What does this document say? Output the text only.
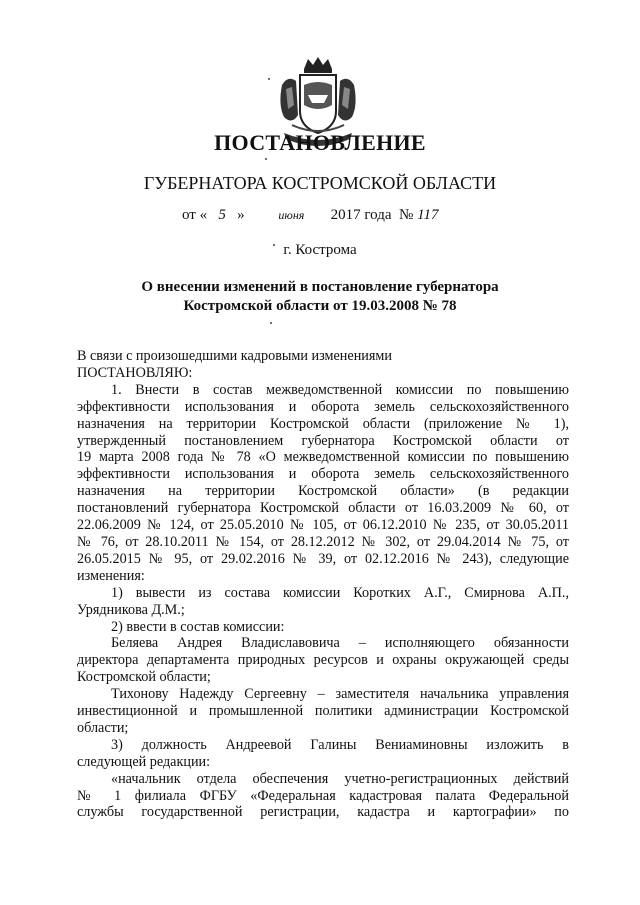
ПОСТАНОВЛЕНИЕ
ГУБЕРНАТОРА КОСТРОМСКОЙ ОБЛАСТИ
от « 5 »	июня 2017 года № 117
г. Кострома
О внесении изменений в постановление губернатора
Костромской области от 19.03.2008 № 78

В связи с произошедшими кадровыми изменениями

ПОСТАНОВЛЯЮ:

1. Внести в состав межведомственной комиссии по повышению

эффективности использования и оборота земель сельскохозяйственного

назначения на территории Костромской области (приложение № 1),

утвержденный постановлением губернатора Костромской области от

19 марта 2008 года № 78 «О межведомственной комиссии по повышению

эффективности использования и оборота земель сельскохозяйственного

назначения на территории Костромской области» (в редакции

постановлений губернатора Костромской области от 16.03.2009 № 60, от

22.06.2009 № 124, от 25.05.2010 № 105, от 06.12.2010 № 235, от 30.05.2011

№ 76, от 28.10.2011 № 154, от 28.12.2012 № 302, от 29.04.2014 № 75, от

26.05.2015 № 95, от 29.02.2016 № 39, от 02.12.2016 № 243), следующие

изменения:

1) вывести из состава комиссии Коротких А.Г., Смирнова А.П.,

Урядникова Д.М.;

2) ввести в состав комиссии:

Беляева Андрея Владиславовича – исполняющего обязанности

директора департамента природных ресурсов и охраны окружающей среды

Костромской области;

Тихонову Надежду Сергеевну – заместителя начальника управления

инвестиционной и промышленной политики администрации Костромской

области;

3) должность Андреевой Галины Вениаминовны изложить в

следующей редакции:

«начальник отдела обеспечения учетно-регистрационных действий

№ 1 филиала ФГБУ «Федеральная кадастровая палата Федеральной

службы государственной регистрации, кадастра и картографии» по
